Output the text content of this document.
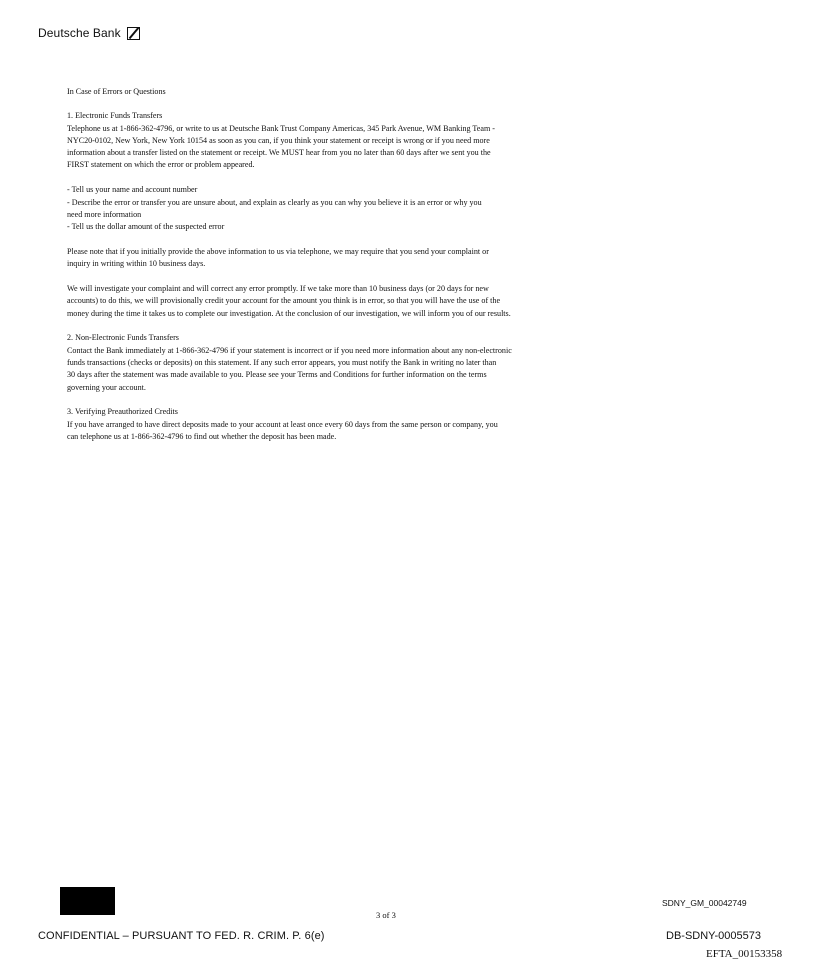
Deutsche Bank

In Case of Errors or Questions

1. Electronic Funds Transfers

Telephone us at 1-866-362-4796, or write to us at Deutsche Bank Trust Company Americas, 345 Park Avenue, WM Banking Team -

NYC20-0102, New York, New York 10154 as soon as you can, if you think your statement or receipt is wrong or if you need more

information about a transfer listed on the statement or receipt. We MUST hear from you no later than 60 days after we sent you the

FIRST statement on which the error or problem appeared.

- Tell us your name and account number

- Describe the error or transfer you are unsure about, and explain as clearly as you can why you believe it is an error or why you

need more information

- Tell us the dollar amount of the suspected error

Please note that if you initially provide the above information to us via telephone, we may require that you send your complaint or

inquiry in writing within 10 business days.

We will investigate your complaint and will correct any error promptly. If we take more than 10 business days (or 20 days for new

accounts) to do this, we will provisionally credit your account for the amount you think is in error, so that you will have the use of the

money during the time it takes us to complete our investigation. At the conclusion of our investigation, we will inform you of our results.

2. Non-Electronic Funds Transfers

Contact the Bank immediately at 1-866-362-4796 if your statement is incorrect or if you need more information about any non-electronic

funds transactions (checks or deposits) on this statement. If any such error appears, you must notify the Bank in writing no later than

30 days after the statement was made available to you. Please see your Terms and Conditions for further information on the terms

governing your account.

3. Verifying Preauthorized Credits

If you have arranged to have direct deposits made to your account at least once every 60 days from the same person or company, you

can telephone us at 1-866-362-4796 to find out whether the deposit has been made.

3 of 3
SDNY_GM_00042749
CONFIDENTIAL – PURSUANT TO FED. R. CRIM. P. 6(e)	DB-SDNY-0005573
EFTA_00153358
